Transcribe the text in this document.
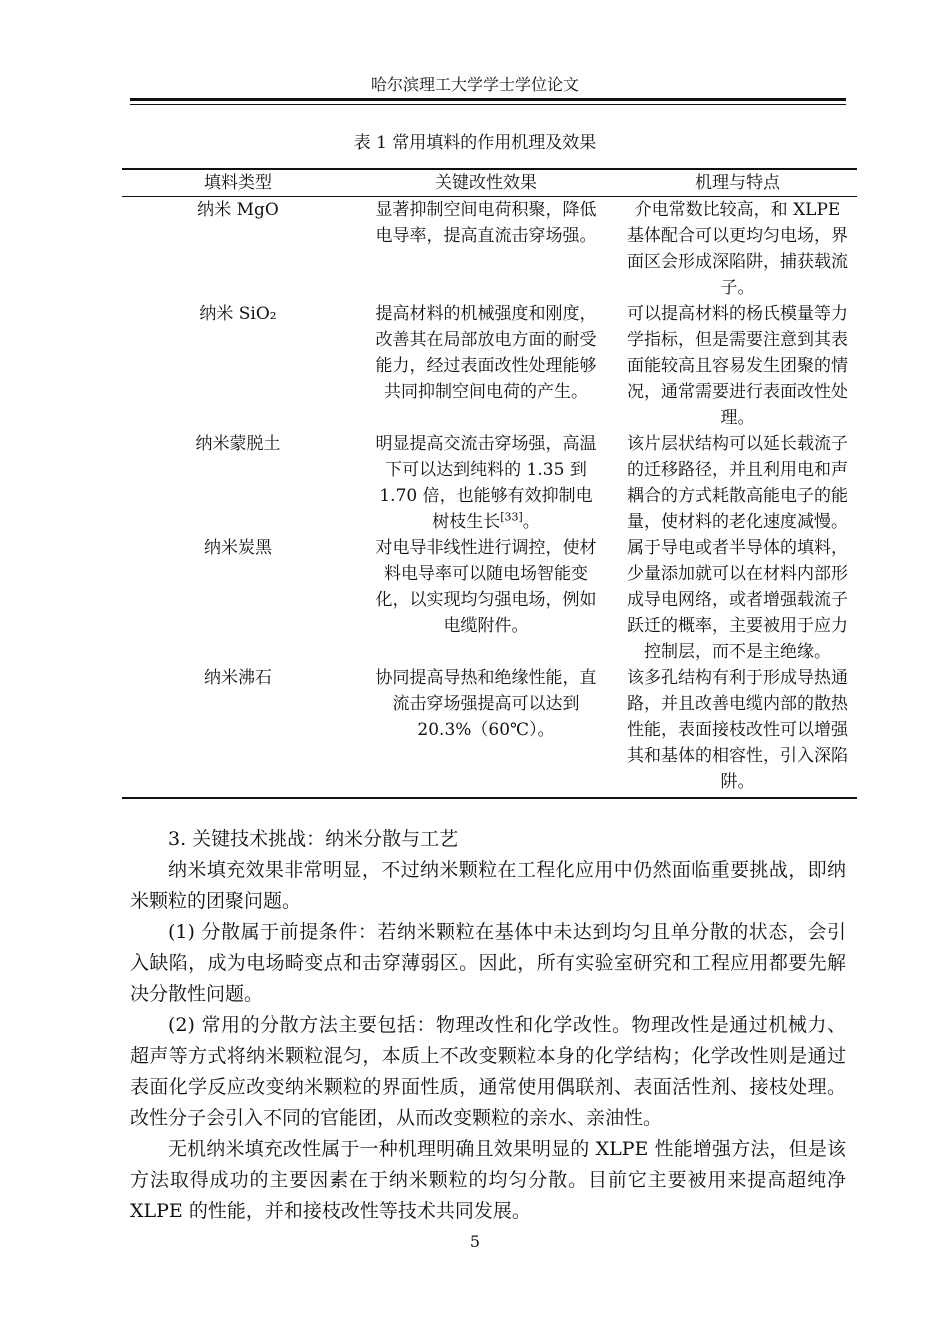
哈尔滨理工大学学士学位论文
表 1 常用填料的作用机理及效果
填料类型	关键改性效果	机理与特点
纳米 MgO	显著抑制空间电荷积聚，降低电导率，提高直流击穿场强。	介电常数比较高，和 XLPE 基体配合可以更均匀电场，界面区会形成深陷阱，捕获载流子。
纳米 SiO₂	提高材料的机械强度和刚度，改善其在局部放电方面的耐受能力，经过表面改性处理能够共同抑制空间电荷的产生。	可以提高材料的杨氏模量等力学指标，但是需要注意到其表面能较高且容易发生团聚的情况，通常需要进行表面改性处理。
纳米蒙脱土	明显提高交流击穿场强，高温下可以达到纯料的 1.35 到 1.70 倍，也能够有效抑制电树枝生长[33]。	该片层状结构可以延长载流子的迁移路径，并且利用电和声耦合的方式耗散高能电子的能量，使材料的老化速度减慢。
纳米炭黑	对电导非线性进行调控，使材料电导率可以随电场智能变化，以实现均匀强电场，例如电缆附件。	属于导电或者半导体的填料，少量添加就可以在材料内部形成导电网络，或者增强载流子跃迁的概率，主要被用于应力控制层，而不是主绝缘。
纳米沸石	协同提高导热和绝缘性能，直流击穿场强提高可以达到 20.3%（60℃）。	该多孔结构有利于形成导热通路，并且改善电缆内部的散热性能，表面接枝改性可以增强其和基体的相容性，引入深陷阱。

3. 关键技术挑战：纳米分散与工艺

纳米填充效果非常明显，不过纳米颗粒在工程化应用中仍然面临重要挑战，即纳米颗粒的团聚问题。

(1) 分散属于前提条件：若纳米颗粒在基体中未达到均匀且单分散的状态，会引入缺陷，成为电场畸变点和击穿薄弱区。因此，所有实验室研究和工程应用都要先解决分散性问题。

(2) 常用的分散方法主要包括：物理改性和化学改性。物理改性是通过机械力、超声等方式将纳米颗粒混匀，本质上不改变颗粒本身的化学结构；化学改性则是通过表面化学反应改变纳米颗粒的界面性质，通常使用偶联剂、表面活性剂、接枝处理。改性分子会引入不同的官能团，从而改变颗粒的亲水、亲油性。

无机纳米填充改性属于一种机理明确且效果明显的 XLPE 性能增强方法，但是该方法取得成功的主要因素在于纳米颗粒的均匀分散。目前它主要被用来提高超纯净 XLPE 的性能，并和接枝改性等技术共同发展。

5
